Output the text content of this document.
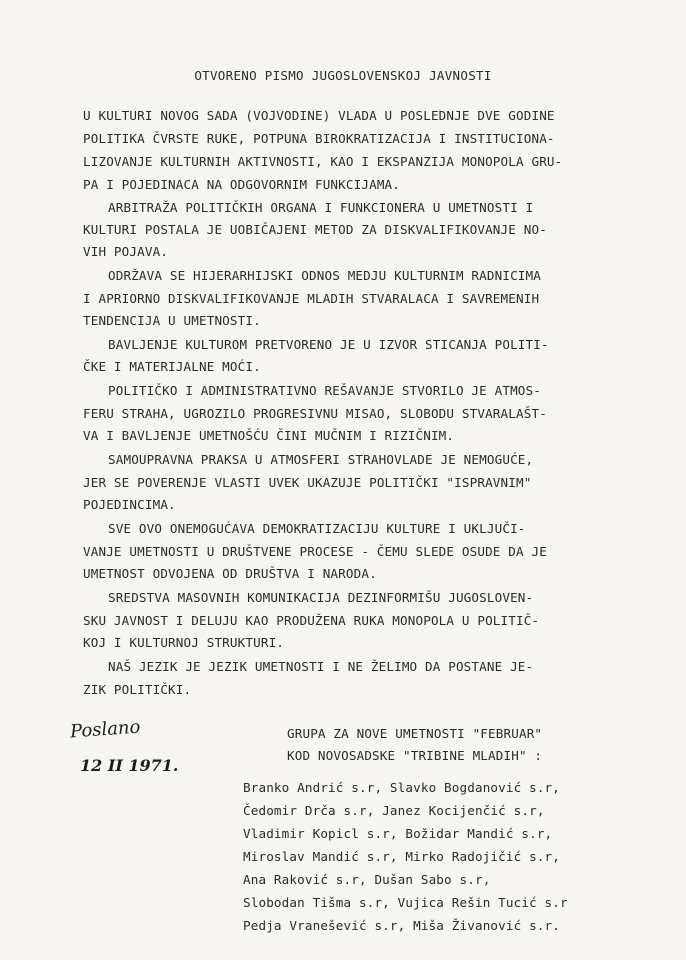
OTVORENO PISMO JUGOSLOVENSKOJ JAVNOSTI
U KULTURI NOVOG SADA (VOJVODINE) VLADA U POSLEDNJE DVE GODINE
POLITIKA ČVRSTE RUKE, POTPUNA BIROKRATIZACIJA I INSTITUCIONA-
LIZOVANJE KULTURNIH AKTIVNOSTI, KAO I EKSPANZIJA MONOPOLA GRU-
PA I POJEDINACA NA ODGOVORNIM FUNKCIJAMA.
ARBITRAŽA POLITIČKIH ORGANA I FUNKCIONERA U UMETNOSTI I
KULTURI POSTALA JE UOBIČAJENI METOD ZA DISKVALIFIKOVANJE NO-
VIH POJAVA.
ODRŽAVA SE HIJERARHIJSKI ODNOS MEDJU KULTURNIM RADNICIMA
I APRIORNO DISKVALIFIKOVANJE MLADIH STVARALACA I SAVREMENIH
TENDENCIJA U UMETNOSTI.
BAVLJENJE KULTUROM PRETVORENO JE U IZVOR STICANJA POLITI-
ČKE I MATERIJALNE MOĆI.
POLITIČKO I ADMINISTRATIVNO REŠAVANJE STVORILO JE ATMOS-
FERU STRAHA, UGROZILO PROGRESIVNU MISAO, SLOBODU STVARALAŠT-
VA I BAVLJENJE UMETNOŠĆU ČINI MUČNIM I RIZIČNIM.
SAMOUPRAVNA PRAKSA U ATMOSFERI STRAHOVLADE JE NEMOGUĆE,
JER SE POVERENJE VLASTI UVEK UKAZUJE POLITIČKI "ISPRAVNIM"
POJEDINCIMA.
SVE OVO ONEMOGUĆAVA DEMOKRATIZACIJU KULTURE I UKLJUČI-
VANJE UMETNOSTI U DRUŠTVENE PROCESE - ČEMU SLEDE OSUDE DA JE
UMETNOST ODVOJENA OD DRUŠTVA I NARODA.
SREDSTVA MASOVNIH KOMUNIKACIJA DEZINFORMIŠU JUGOSLOVEN-
SKU JAVNOST I DELUJU KAO PRODUŽENA RUKA MONOPOLA U POLITIČ-
KOJ I KULTURNOJ STRUKTURI.
NAŠ JEZIK JE JEZIK UMETNOSTI I NE ŽELIMO DA POSTANE JE-
ZIK POLITIČKI.
Poslano
12 II 1971.
GRUPA ZA NOVE UMETNOSTI "FEBRUAR"
KOD NOVOSADSKE "TRIBINE MLADIH" :
Branko Andrić s.r, Slavko Bogdanović s.r,
Čedomir Drča s.r, Janez Kocijenčić s.r,
Vladimir Kopicl s.r, Božidar Mandić s.r,
Miroslav Mandić s.r, Mirko Radojičić s.r,
Ana Raković s.r, Dušan Sabo s.r,
Slobodan Tišma s.r, Vujica Rešin Tucić s.r
Pedja Vranešević s.r, Miša Živanović s.r.
